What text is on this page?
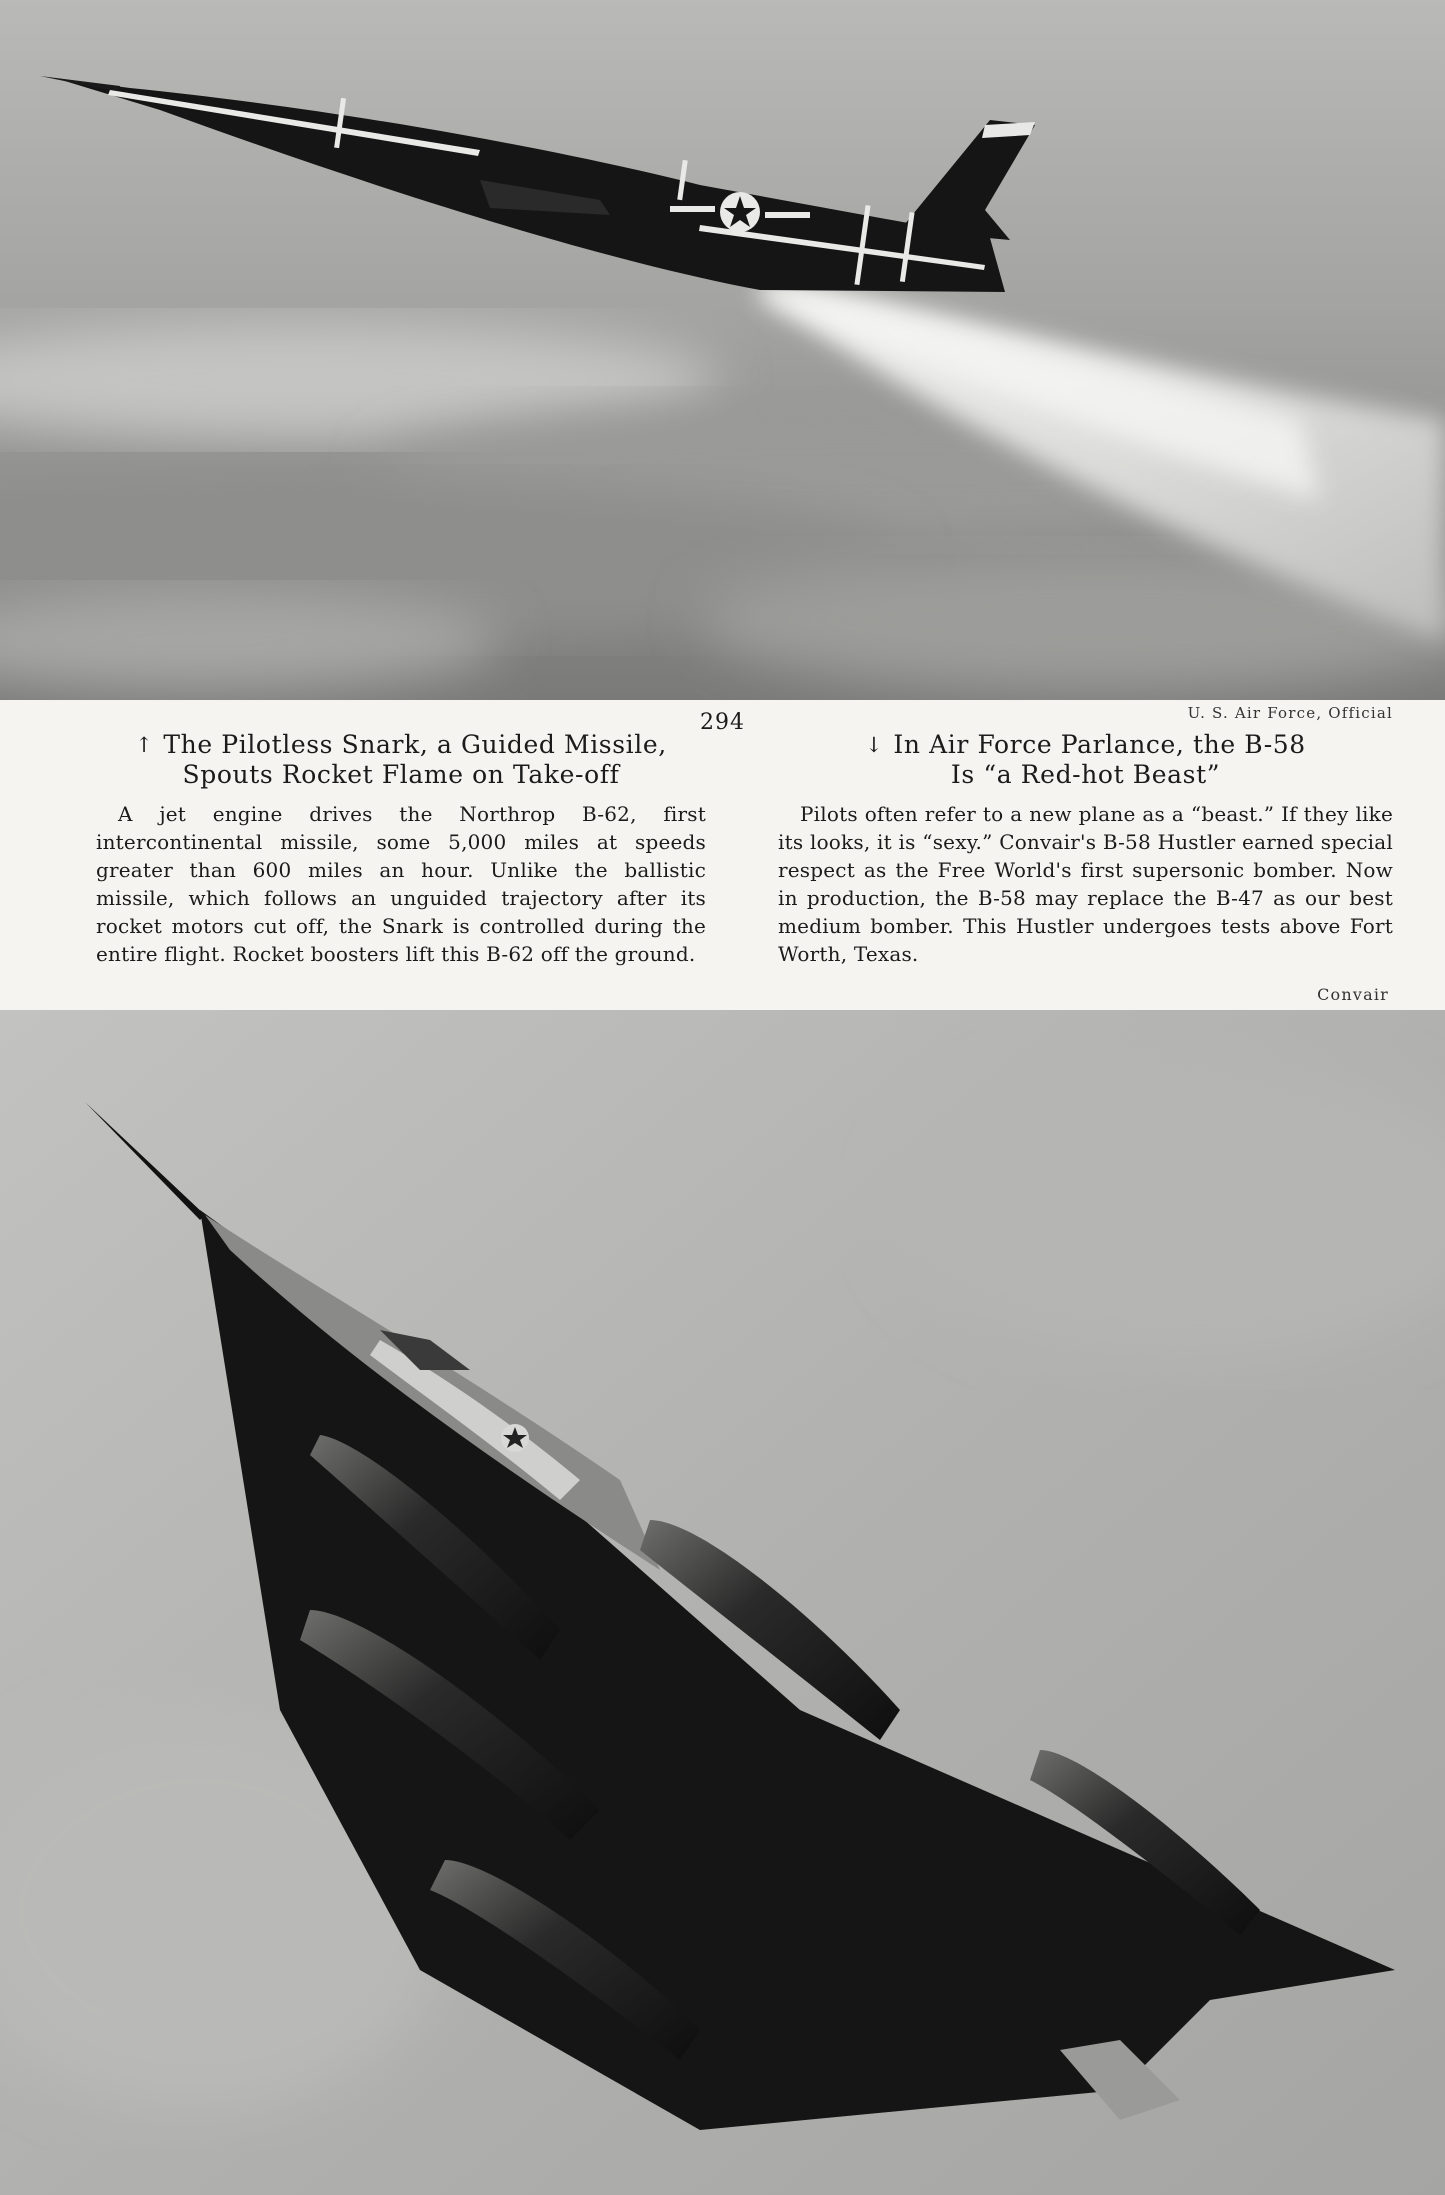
294	U. S. Air Force, Official
↑ The Pilotless Snark, a Guided Missile,
Spouts Rocket Flame on Take-off

A jet engine drives the Northrop B-62, first intercontinental missile, some 5,000 miles at speeds greater than 600 miles an hour. Unlike the ballistic missile, which follows an unguided trajectory after its rocket motors cut off, the Snark is controlled during the entire flight. Rocket boosters lift this B-62 off the ground.

↓ In Air Force Parlance, the B-58
Is “a Red-hot Beast”

Pilots often refer to a new plane as a “beast.” If they like its looks, it is “sexy.” Convair's B-58 Hustler earned special respect as the Free World's first supersonic bomber. Now in production, the B-58 may replace the B-47 as our best medium bomber. This Hustler undergoes tests above Fort Worth, Texas.

Convair
